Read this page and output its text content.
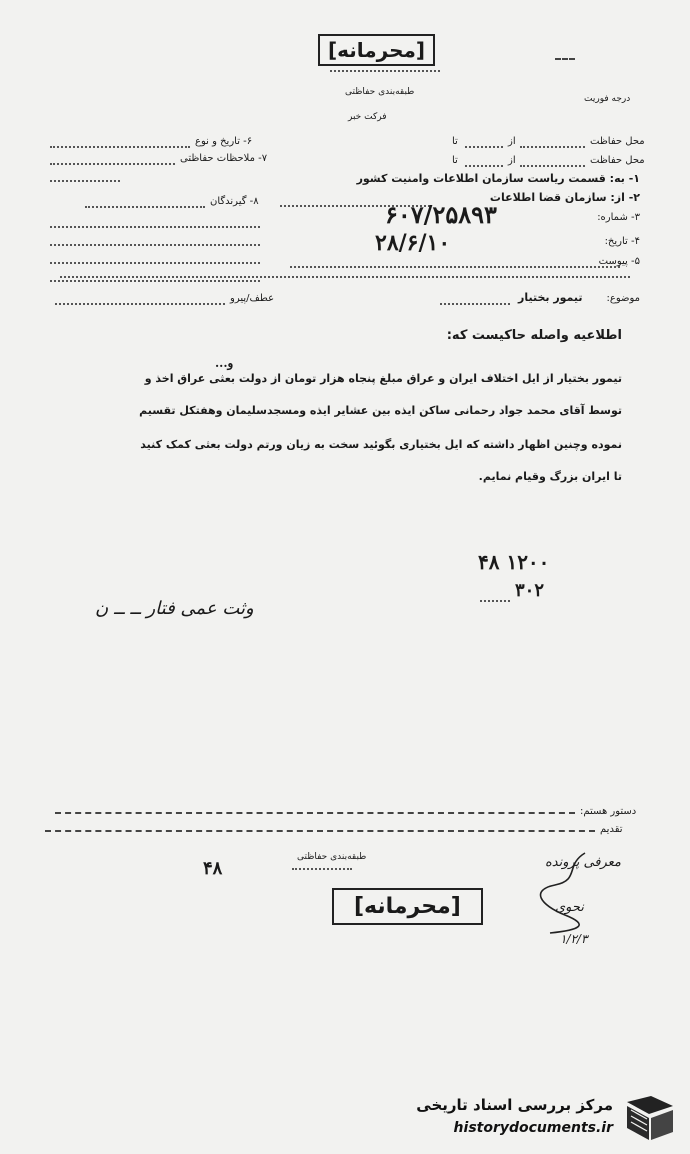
[محرمانه]
طبقه‌بندی حفاظتی
فرکت خبر
درجه فوریت
۶- تاریخ و نوع
۷- ملاحظات حفاظتی
۸- گیرندگان
محل حفاظت
از
تا
محل حفاظت
از
تا
۱- به: قسمت ریاست سازمان اطلاعات وامنیت کشور
۲- از: سازمان قضا اطلاعات
۳- شماره:
۶۰۷/۲۵۸۹۳
۴- تاریخ:
۲۸/۶/۱۰
۵- پیوست
موضوع:
تیمور بختیار
عطف/پیرو
اطلاعیه واصله حاکیست که:
و...
تیمور بختیار از ایل اختلاف ایران و عراق مبلغ پنجاه هزار تومان از دولت بعثی عراق اخذ و
توسط آقای محمد جواد رحمانی ساکن ایذه بین عشایر ایذه ومسجدسلیمان وهفتکل تقسیم
نموده وچنین اظهار داشته که ایل بختیاری بگوئید سخت به زیان ورتم دولت بعثی کمک کنید
تا ایران بزرگ وقیام نمایم.
۴۸ ۱۲۰۰
۳۰۲
وثت عمی فتار ــ ــ ن
دستور هستم:
تقدیم
طبقه‌بندی حفاظتی
۴۸
[محرمانه]
معرفی پرونده
نحوی
۱/۲/۳
مرکز بررسی اسناد تاریخی
historydocuments.ir
